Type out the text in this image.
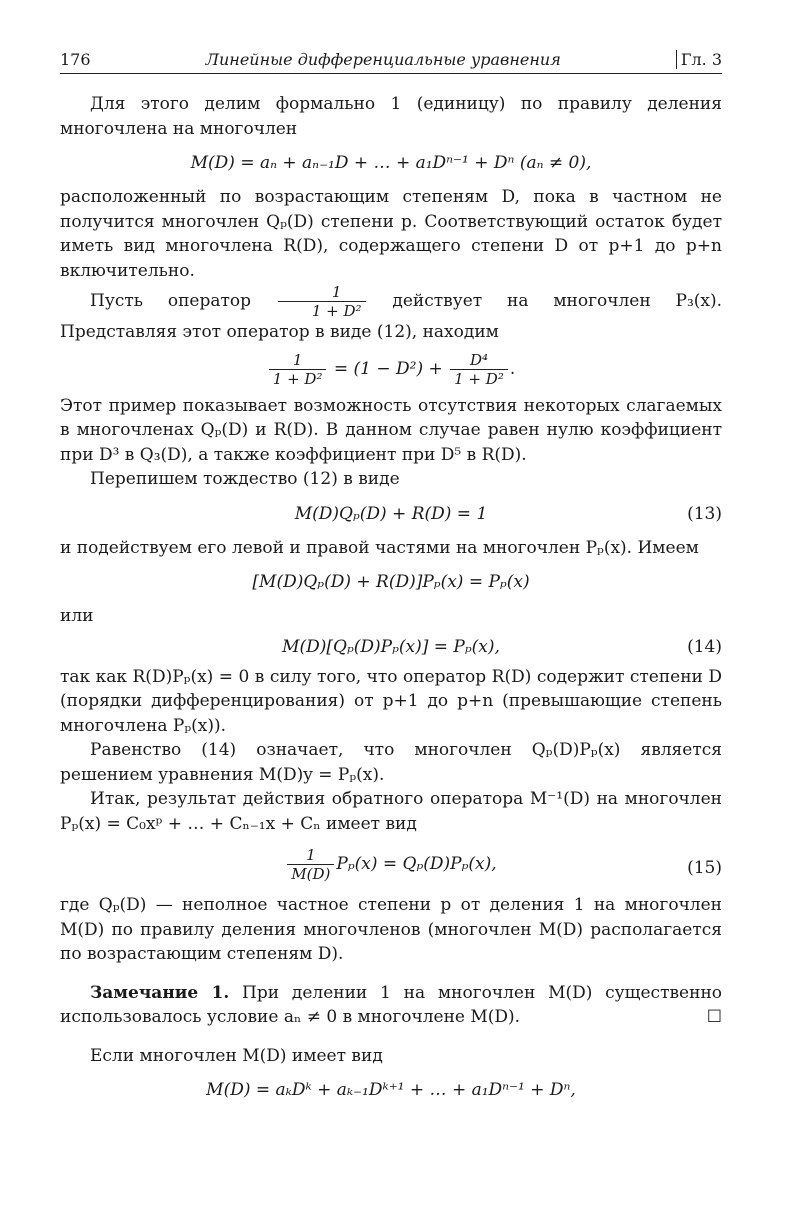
176	Линейные дифференциальные уравнения	Гл. 3

Для этого делим формально 1 (единицу) по правилу деления многочлена на многочлен

M(D) = aₙ + aₙ₋₁D + … + a₁Dⁿ⁻¹ + Dⁿ (aₙ ≠ 0),

расположенный по возрастающим степеням D, пока в частном не получится многочлен Qₚ(D) степени p. Соответствующий остаток будет иметь вид многочлена R(D), содержащего степени D от p+1 до p+n включительно.

Пусть оператор $\frac{1}{\text{1 + D²}}$ действует на многочлен P₃(x). Представляя этот оператор в виде (12), находим

$\frac{1}{\text{1 + D²}} = (1 - D^2) + \frac{\text{D⁴}}{\text{1 + D²}}$ .

Этот пример показывает возможность отсутствия некоторых слагаемых в многочленах Qₚ(D) и R(D). В данном случае равен нулю коэффициент при D³ в Q₃(D), а также коэффициент при D⁵ в R(D).

Перепишем тождество (12) в виде

M(D)Qₚ(D) + R(D) = 1	(13)

и подействуем его левой и правой частями на многочлен Pₚ(x). Имеем

[M(D)Qₚ(D) + R(D)]Pₚ(x) = Pₚ(x)

или

M(D)[Qₚ(D)Pₚ(x)] = Pₚ(x),	(14)

так как R(D)Pₚ(x) = 0 в силу того, что оператор R(D) содержит степени D (порядки дифференцирования) от p+1 до p+n (превышающие степень многочлена Pₚ(x)).

Равенство (14) означает, что многочлен Qₚ(D)Pₚ(x) является решением уравнения M(D)y = Pₚ(x).

Итак, результат действия обратного оператора M⁻¹(D) на многочлен Pₚ(x) = C₀xᵖ + … + Cₙ₋₁x + Cₙ имеет вид

$\frac{1}{M(D)} P_p(x) = Q_p(D)P_p(x)$,	(15)

где Qₚ(D) — неполное частное степени p от деления 1 на многочлен M(D) по правилу деления многочленов (многочлен M(D) располагается по возрастающим степеням D).

Замечание 1. При делении 1 на многочлен M(D) существенно использовалось условие aₙ ≠ 0 в многочлене M(D).	☐

Если многочлен M(D) имеет вид

M(D) = aₖDᵏ + aₖ₋₁Dᵏ⁺¹ + … + a₁Dⁿ⁻¹ + Dⁿ,
